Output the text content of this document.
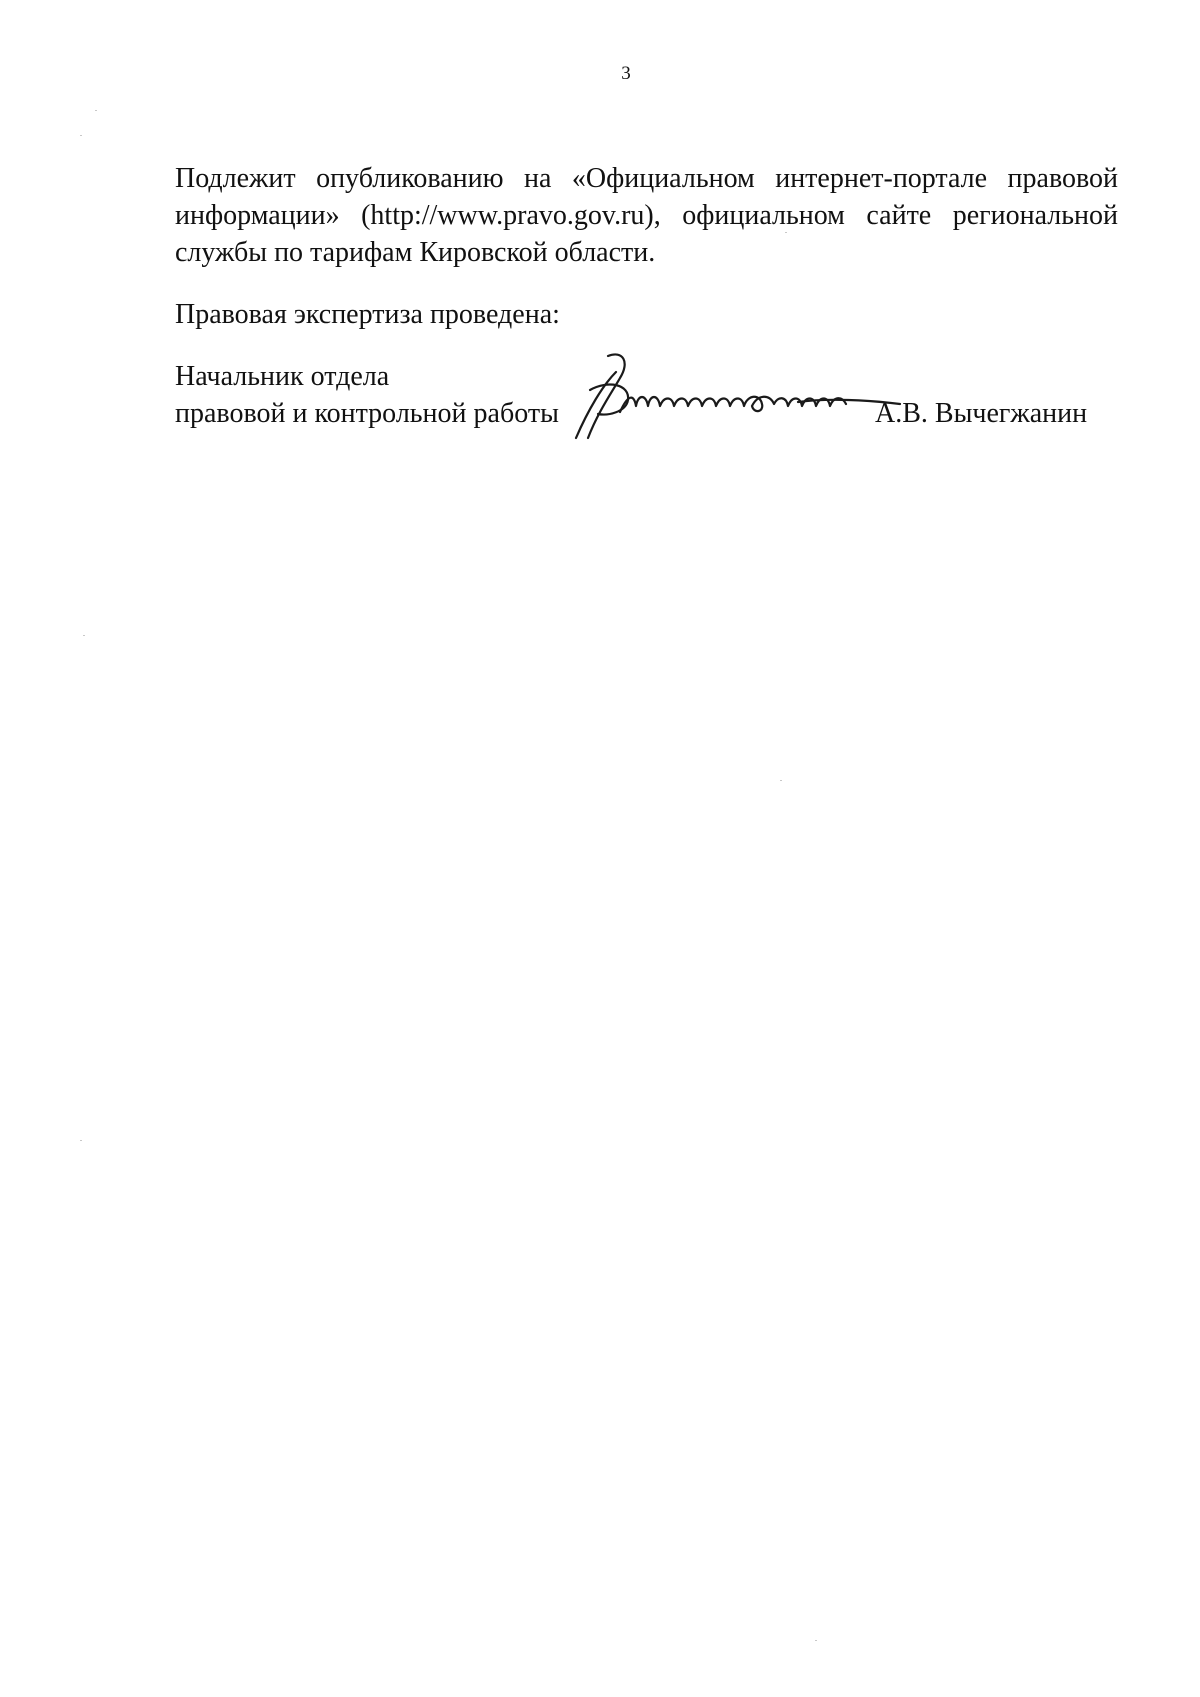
3

Подлежит опубликованию на «Официальном интернет-портале правовой информации» (http://www.pravo.gov.ru), официальном сайте региональной службы по тарифам Кировской области.

Правовая экспертиза проведена:

Начальник отдела
правовой и контрольной работы	А.В. Вычегжанин
